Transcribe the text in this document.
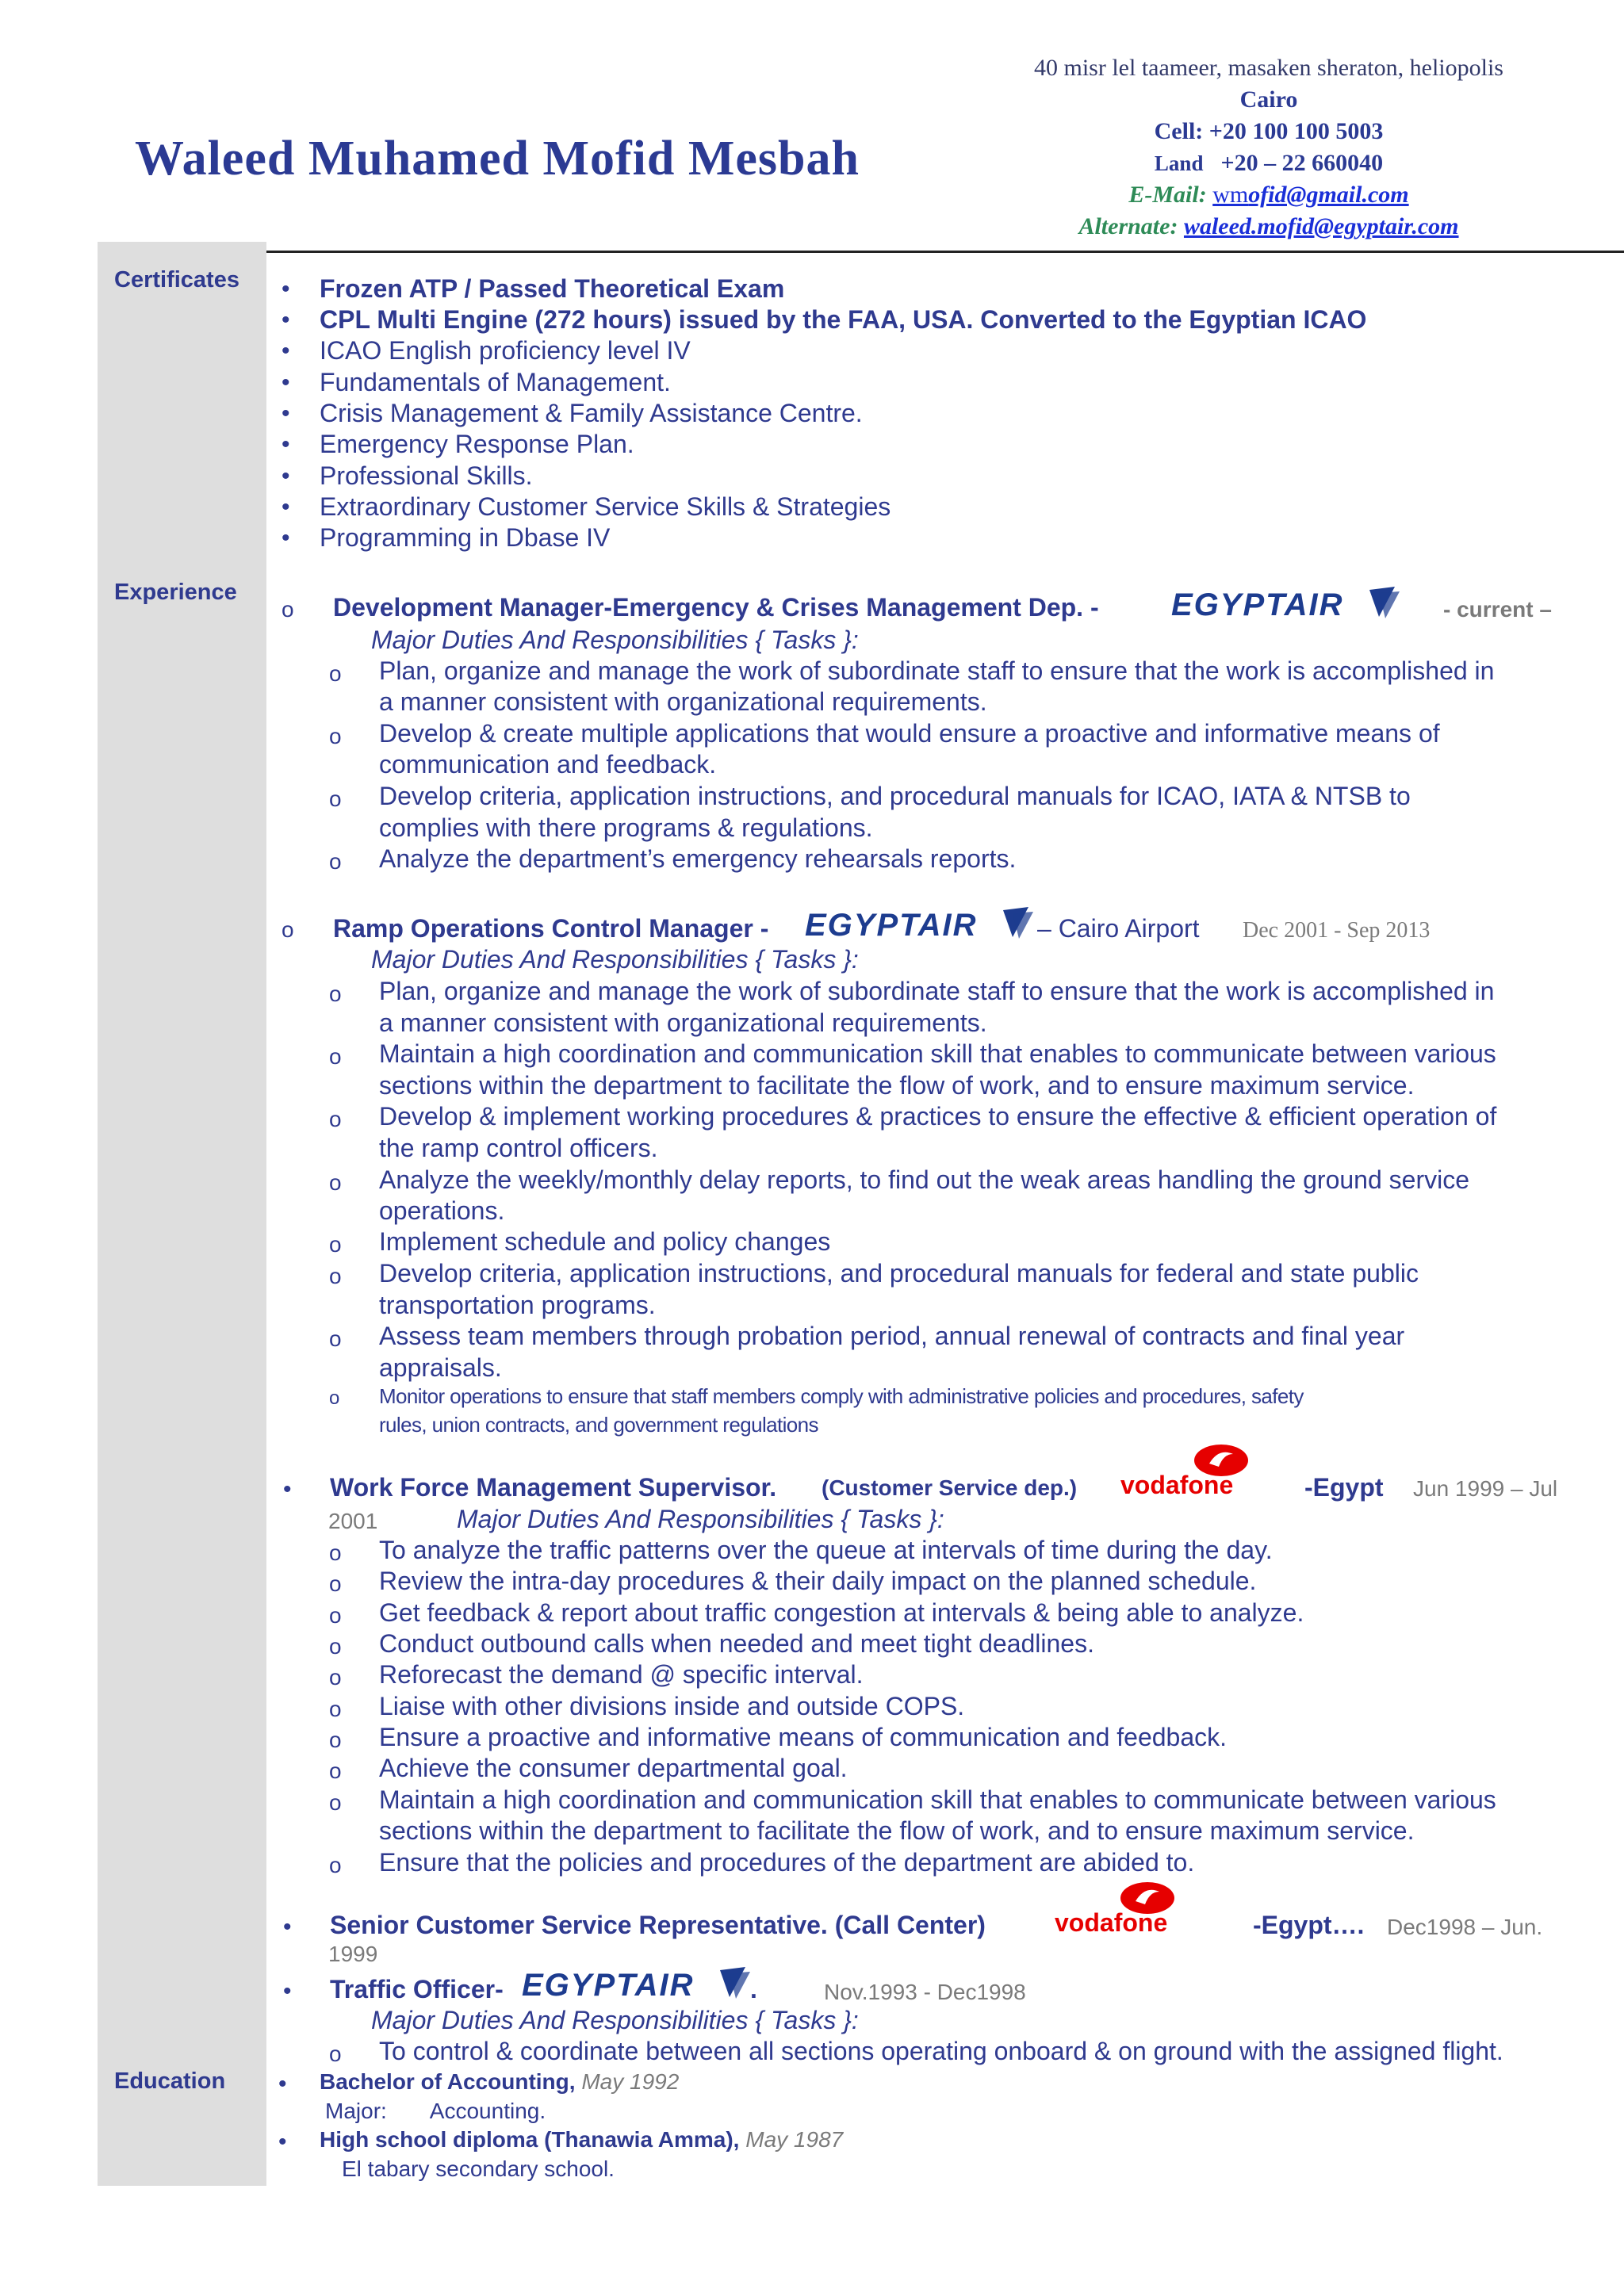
Waleed Muhamed Mofid Mesbah
40 misr lel taameer, masaken sheraton, heliopolis
Cairo
Cell: +20 100 100 5003
Land +20 – 22 660040
E-Mail: wmofid@gmail.com
Alternate: waleed.mofid@egyptair.com
Certificates
Experience
Education
• Frozen ATP / Passed Theoretical Exam
• CPL Multi Engine (272 hours) issued by the FAA, USA. Converted to the Egyptian ICAO
• ICAO English proficiency level IV
• Fundamentals of Management.
• Crisis Management & Family Assistance Centre.
• Emergency Response Plan.
• Professional Skills.
• Extraordinary Customer Service Skills & Strategies
• Programming in Dbase IV
o Development Manager-Emergency & Crises Management Dep. - EGYPTAIR	- current –
Major Duties And Responsibilities { Tasks }:
o Plan, organize and manage the work of subordinate staff to ensure that the work is accomplished in
a manner consistent with organizational requirements.
o Develop & create multiple applications that would ensure a proactive and informative means of
communication and feedback.
o Develop criteria, application instructions, and procedural manuals for ICAO, IATA & NTSB to
complies with there programs & regulations.
o Analyze the department’s emergency rehearsals reports.
o Ramp Operations Control Manager - EGYPTAIR – Cairo Airport Dec 2001 - Sep 2013
Major Duties And Responsibilities { Tasks }:
o Plan, organize and manage the work of subordinate staff to ensure that the work is accomplished in
a manner consistent with organizational requirements.
o Maintain a high coordination and communication skill that enables to communicate between various
sections within the department to facilitate the flow of work, and to ensure maximum service.
o Develop & implement working procedures & practices to ensure the effective & efficient operation of
the ramp control officers.
o Analyze the weekly/monthly delay reports, to find out the weak areas handling the ground service
operations.
o Implement schedule and policy changes
o Develop criteria, application instructions, and procedural manuals for federal and state public
transportation programs.
o Assess team members through probation period, annual renewal of contracts and final year
appraisals.
o Monitor operations to ensure that staff members comply with administrative policies and procedures, safety
rules, union contracts, and government regulations
• Work Force Management Supervisor. (Customer Service dep.) vodafone	-Egypt Jun 1999 – Jul
2001	Major Duties And Responsibilities { Tasks }:
o To analyze the traffic patterns over the queue at intervals of time during the day.
o Review the intra-day procedures & their daily impact on the planned schedule.
o Get feedback & report about traffic congestion at intervals & being able to analyze.
o Conduct outbound calls when needed and meet tight deadlines.
o Reforecast the demand @ specific interval.
o Liaise with other divisions inside and outside COPS.
o Ensure a proactive and informative means of communication and feedback.
o Achieve the consumer departmental goal.
o Maintain a high coordination and communication skill that enables to communicate between various
sections within the department to facilitate the flow of work, and to ensure maximum service.
o Ensure that the policies and procedures of the department are abided to.
• Senior Customer Service Representative. (Call Center)	vodafone	-Egypt…. Dec1998 – Jun.
1999
• Traffic Officer- EGYPTAIR .	Nov.1993 - Dec1998
Major Duties And Responsibilities { Tasks }:
o To control & coordinate between all sections operating onboard & on ground with the assigned flight.
• Bachelor of Accounting, May 1992
Major: Accounting.
• High school diploma (Thanawia Amma), May 1987
El tabary secondary school.
